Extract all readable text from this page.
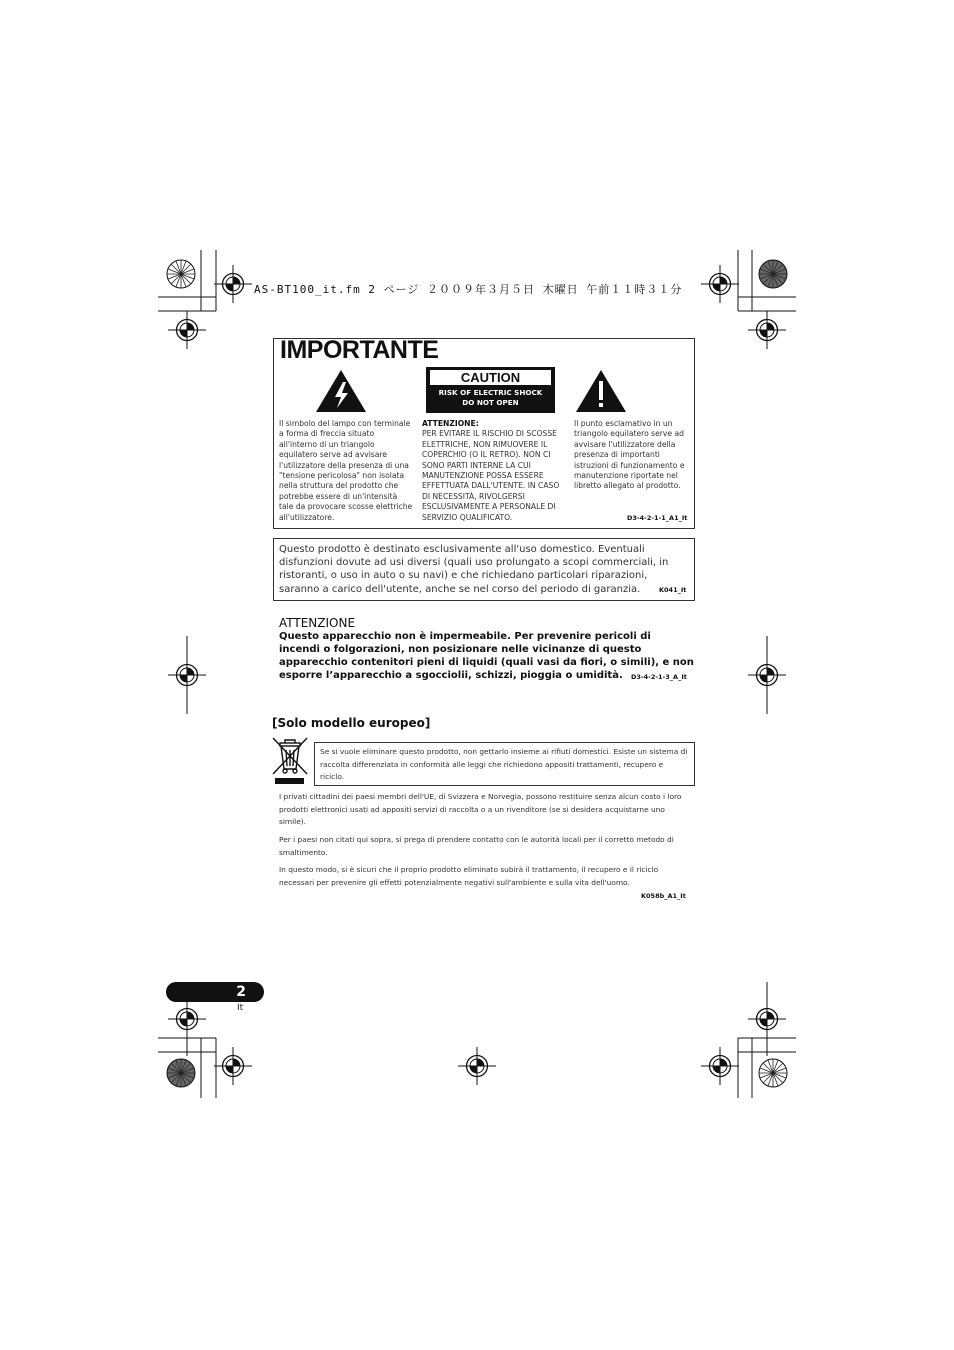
AS-BT100_it.fm 2 ページ ２００９年３月５日 木曜日 午前１１時３１分
IMPORTANTE
CAUTION
RISK OF ELECTRIC SHOCK
DO NOT OPEN
Il simbolo del lampo con terminale a forma di freccia situato all'interno di un triangolo equilatero serve ad avvisare l'utilizzatore della presenza di una "tensione pericolosa" non isolata nella struttura del prodotto che potrebbe essere di un'intensità tale da provocare scosse elettriche all'utilizzatore.
ATTENZIONE:
PER EVITARE IL RISCHIO DI SCOSSE ELETTRICHE, NON RIMUOVERE IL COPERCHIO (O IL RETRO). NON CI SONO PARTI INTERNE LA CUI MANUTENZIONE POSSA ESSERE EFFETTUATA DALL'UTENTE. IN CASO DI NECESSITÀ, RIVOLGERSI ESCLUSIVAMENTE A PERSONALE DI SERVIZIO QUALIFICATO.
Il punto esclamativo in un triangolo equilatero serve ad avvisare l'utilizzatore della presenza di importanti istruzioni di funzionamento e manutenzione riportate nel libretto allegato al prodotto.
D3-4-2-1-1_A1_It
Questo prodotto è destinato esclusivamente all'uso domestico. Eventuali disfunzioni dovute ad usi diversi (quali uso prolungato a scopi commerciali, in ristoranti, o uso in auto o su navi) e che richiedano particolari riparazioni, saranno a carico dell'utente, anche se nel corso del periodo di garanzia.	K041_It
ATTENZIONE
Questo apparecchio non è impermeabile. Per prevenire pericoli di incendi o folgorazioni, non posizionare nelle vicinanze di questo apparecchio contenitori pieni di liquidi (quali vasi da fiori, o simili), e non esporre l’apparecchio a sgocciolii, schizzi, pioggia o umidità.	D3-4-2-1-3_A_It
[Solo modello europeo]
Se si vuole eliminare questo prodotto, non gettarlo insieme ai rifiuti domestici. Esiste un sistema di raccolta differenziata in conformità alle leggi che richiedono appositi trattamenti, recupero e riciclo.
I privati cittadini dei paesi membri dell'UE, di Svizzera e Norvegia, possono restituire senza alcun costo i loro prodotti elettronici usati ad appositi servizi di raccolta o a un rivenditore (se si desidera acquistarne uno simile).
Per i paesi non citati qui sopra, si prega di prendere contatto con le autorità locali per il corretto metodo di smaltimento.
In questo modo, si è sicuri che il proprio prodotto eliminato subirà il trattamento, il recupero e il riciclo necessari per prevenire gli effetti potenzialmente negativi sull'ambiente e sulla vita dell'uomo.
K058b_A1_It
2
It
